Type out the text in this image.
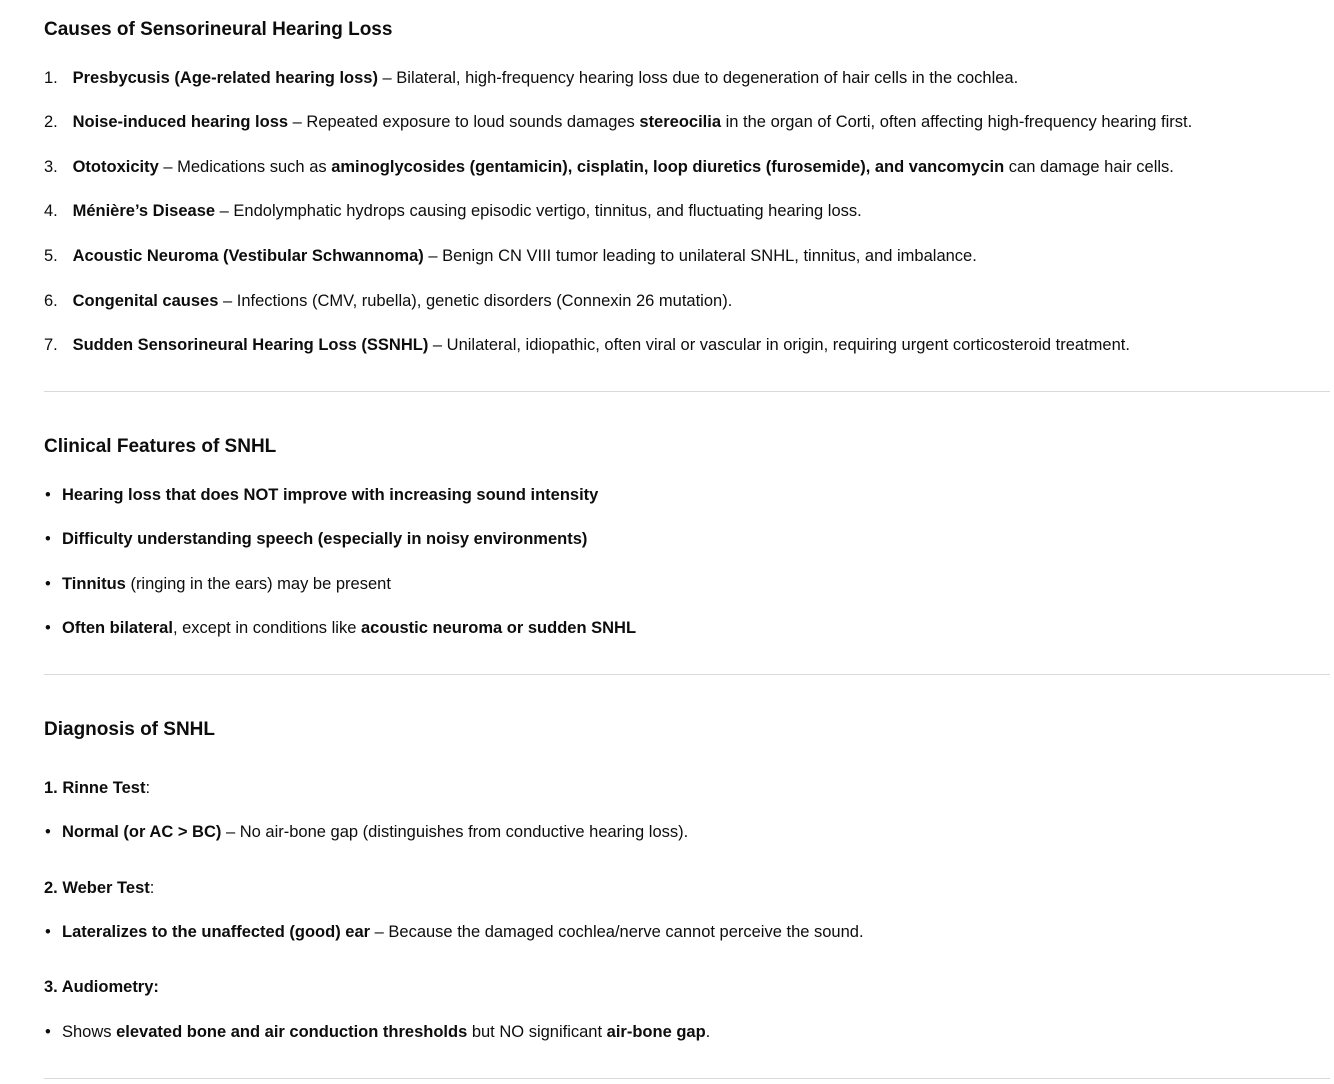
Causes of Sensorineural Hearing Loss
1. Presbycusis (Age-related hearing loss) – Bilateral, high-frequency hearing loss due to degeneration of hair cells in the cochlea.
2. Noise-induced hearing loss – Repeated exposure to loud sounds damages stereocilia in the organ of Corti, often affecting high-frequency hearing first.
3. Ototoxicity – Medications such as aminoglycosides (gentamicin), cisplatin, loop diuretics (furosemide), and vancomycin can damage hair cells.
4. Ménière’s Disease – Endolymphatic hydrops causing episodic vertigo, tinnitus, and fluctuating hearing loss.
5. Acoustic Neuroma (Vestibular Schwannoma) – Benign CN VIII tumor leading to unilateral SNHL, tinnitus, and imbalance.
6. Congenital causes – Infections (CMV, rubella), genetic disorders (Connexin 26 mutation).
7. Sudden Sensorineural Hearing Loss (SSNHL) – Unilateral, idiopathic, often viral or vascular in origin, requiring urgent corticosteroid treatment.
Clinical Features of SNHL
• Hearing loss that does NOT improve with increasing sound intensity
• Difficulty understanding speech (especially in noisy environments)
• Tinnitus (ringing in the ears) may be present
• Often bilateral, except in conditions like acoustic neuroma or sudden SNHL
Diagnosis of SNHL
1. Rinne Test:
• Normal (or AC > BC) – No air-bone gap (distinguishes from conductive hearing loss).
2. Weber Test:
• Lateralizes to the unaffected (good) ear – Because the damaged cochlea/nerve cannot perceive the sound.
3. Audiometry:
• Shows elevated bone and air conduction thresholds but NO significant air-bone gap.
